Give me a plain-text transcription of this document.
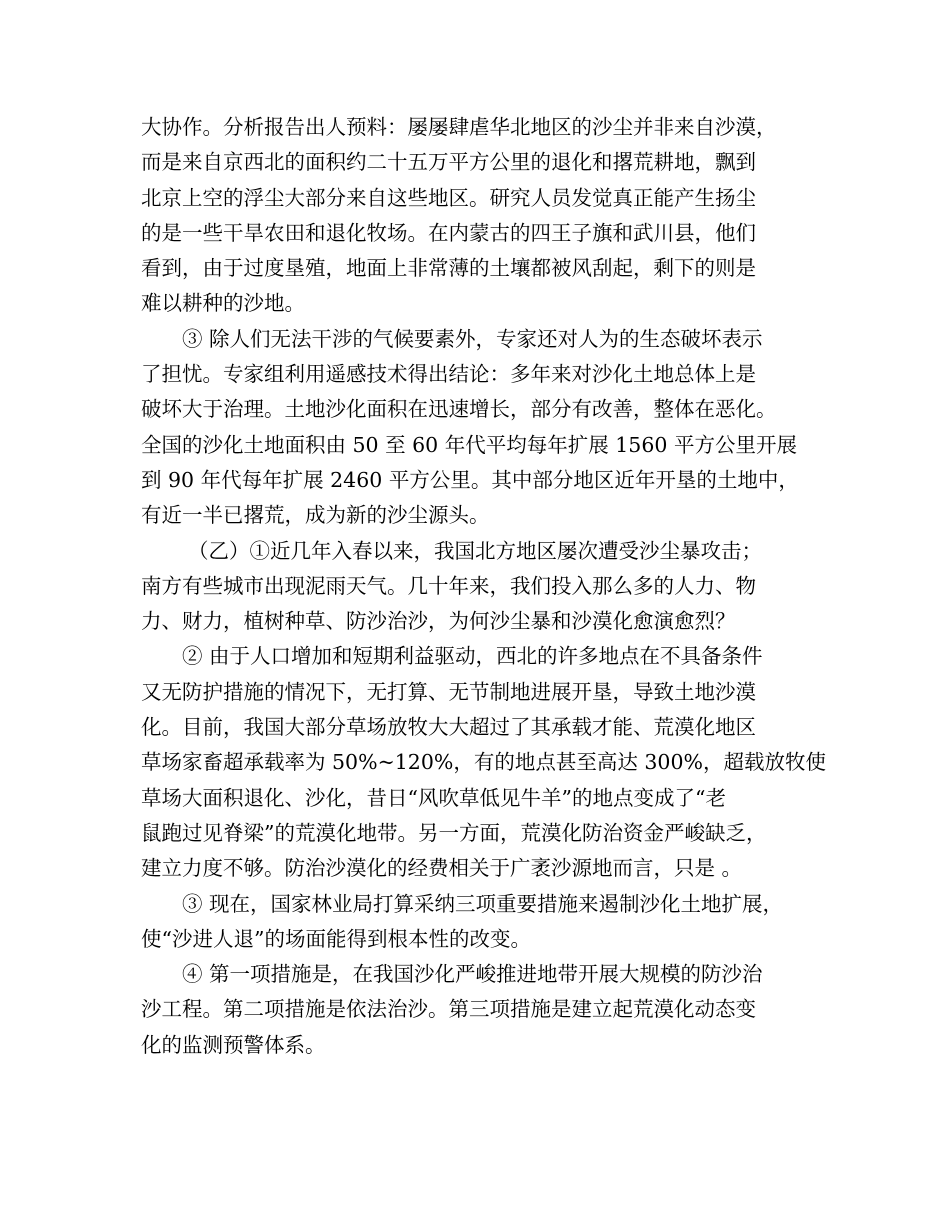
大协作。分析报告出人预料：屡屡肆虐华北地区的沙尘并非来自沙漠，
而是来自京西北的面积约二十五万平方公里的退化和撂荒耕地，飘到
北京上空的浮尘大部分来自这些地区。研究人员发觉真正能产生扬尘
的是一些干旱农田和退化牧场。在内蒙古的四王子旗和武川县，他们
看到，由于过度垦殖，地面上非常薄的土壤都被风刮起，剩下的则是
难以耕种的沙地。
③ 除人们无法干涉的气候要素外，专家还对人为的生态破坏表示
了担忧。专家组利用遥感技术得出结论：多年来对沙化土地总体上是
破坏大于治理。土地沙化面积在迅速增长，部分有改善，整体在恶化。
全国的沙化土地面积由 50 至 60 年代平均每年扩展 1560 平方公里开展
到 90 年代每年扩展 2460 平方公里。其中部分地区近年开垦的土地中，
有近一半已撂荒，成为新的沙尘源头。
（乙）①近几年入春以来，我国北方地区屡次遭受沙尘暴攻击；
南方有些城市出现泥雨天气。几十年来，我们投入那么多的人力、物
力、财力，植树种草、防沙治沙，为何沙尘暴和沙漠化愈演愈烈？
② 由于人口增加和短期利益驱动，西北的许多地点在不具备条件
又无防护措施的情况下，无打算、无节制地进展开垦，导致土地沙漠
化。目前，我国大部分草场放牧大大超过了其承载才能、荒漠化地区
草场家畜超承载率为 50%~120%，有的地点甚至高达 300%，超载放牧使
草场大面积退化、沙化，昔日“风吹草低见牛羊”的地点变成了“老
鼠跑过见脊梁”的荒漠化地带。另一方面，荒漠化防治资金严峻缺乏，
建立力度不够。防治沙漠化的经费相关于广袤沙源地而言，只是 。
③ 现在，国家林业局打算采纳三项重要措施来遏制沙化土地扩展，
使“沙进人退”的场面能得到根本性的改变。
④ 第一项措施是，在我国沙化严峻推进地带开展大规模的防沙治
沙工程。第二项措施是依法治沙。第三项措施是建立起荒漠化动态变
化的监测预警体系。
